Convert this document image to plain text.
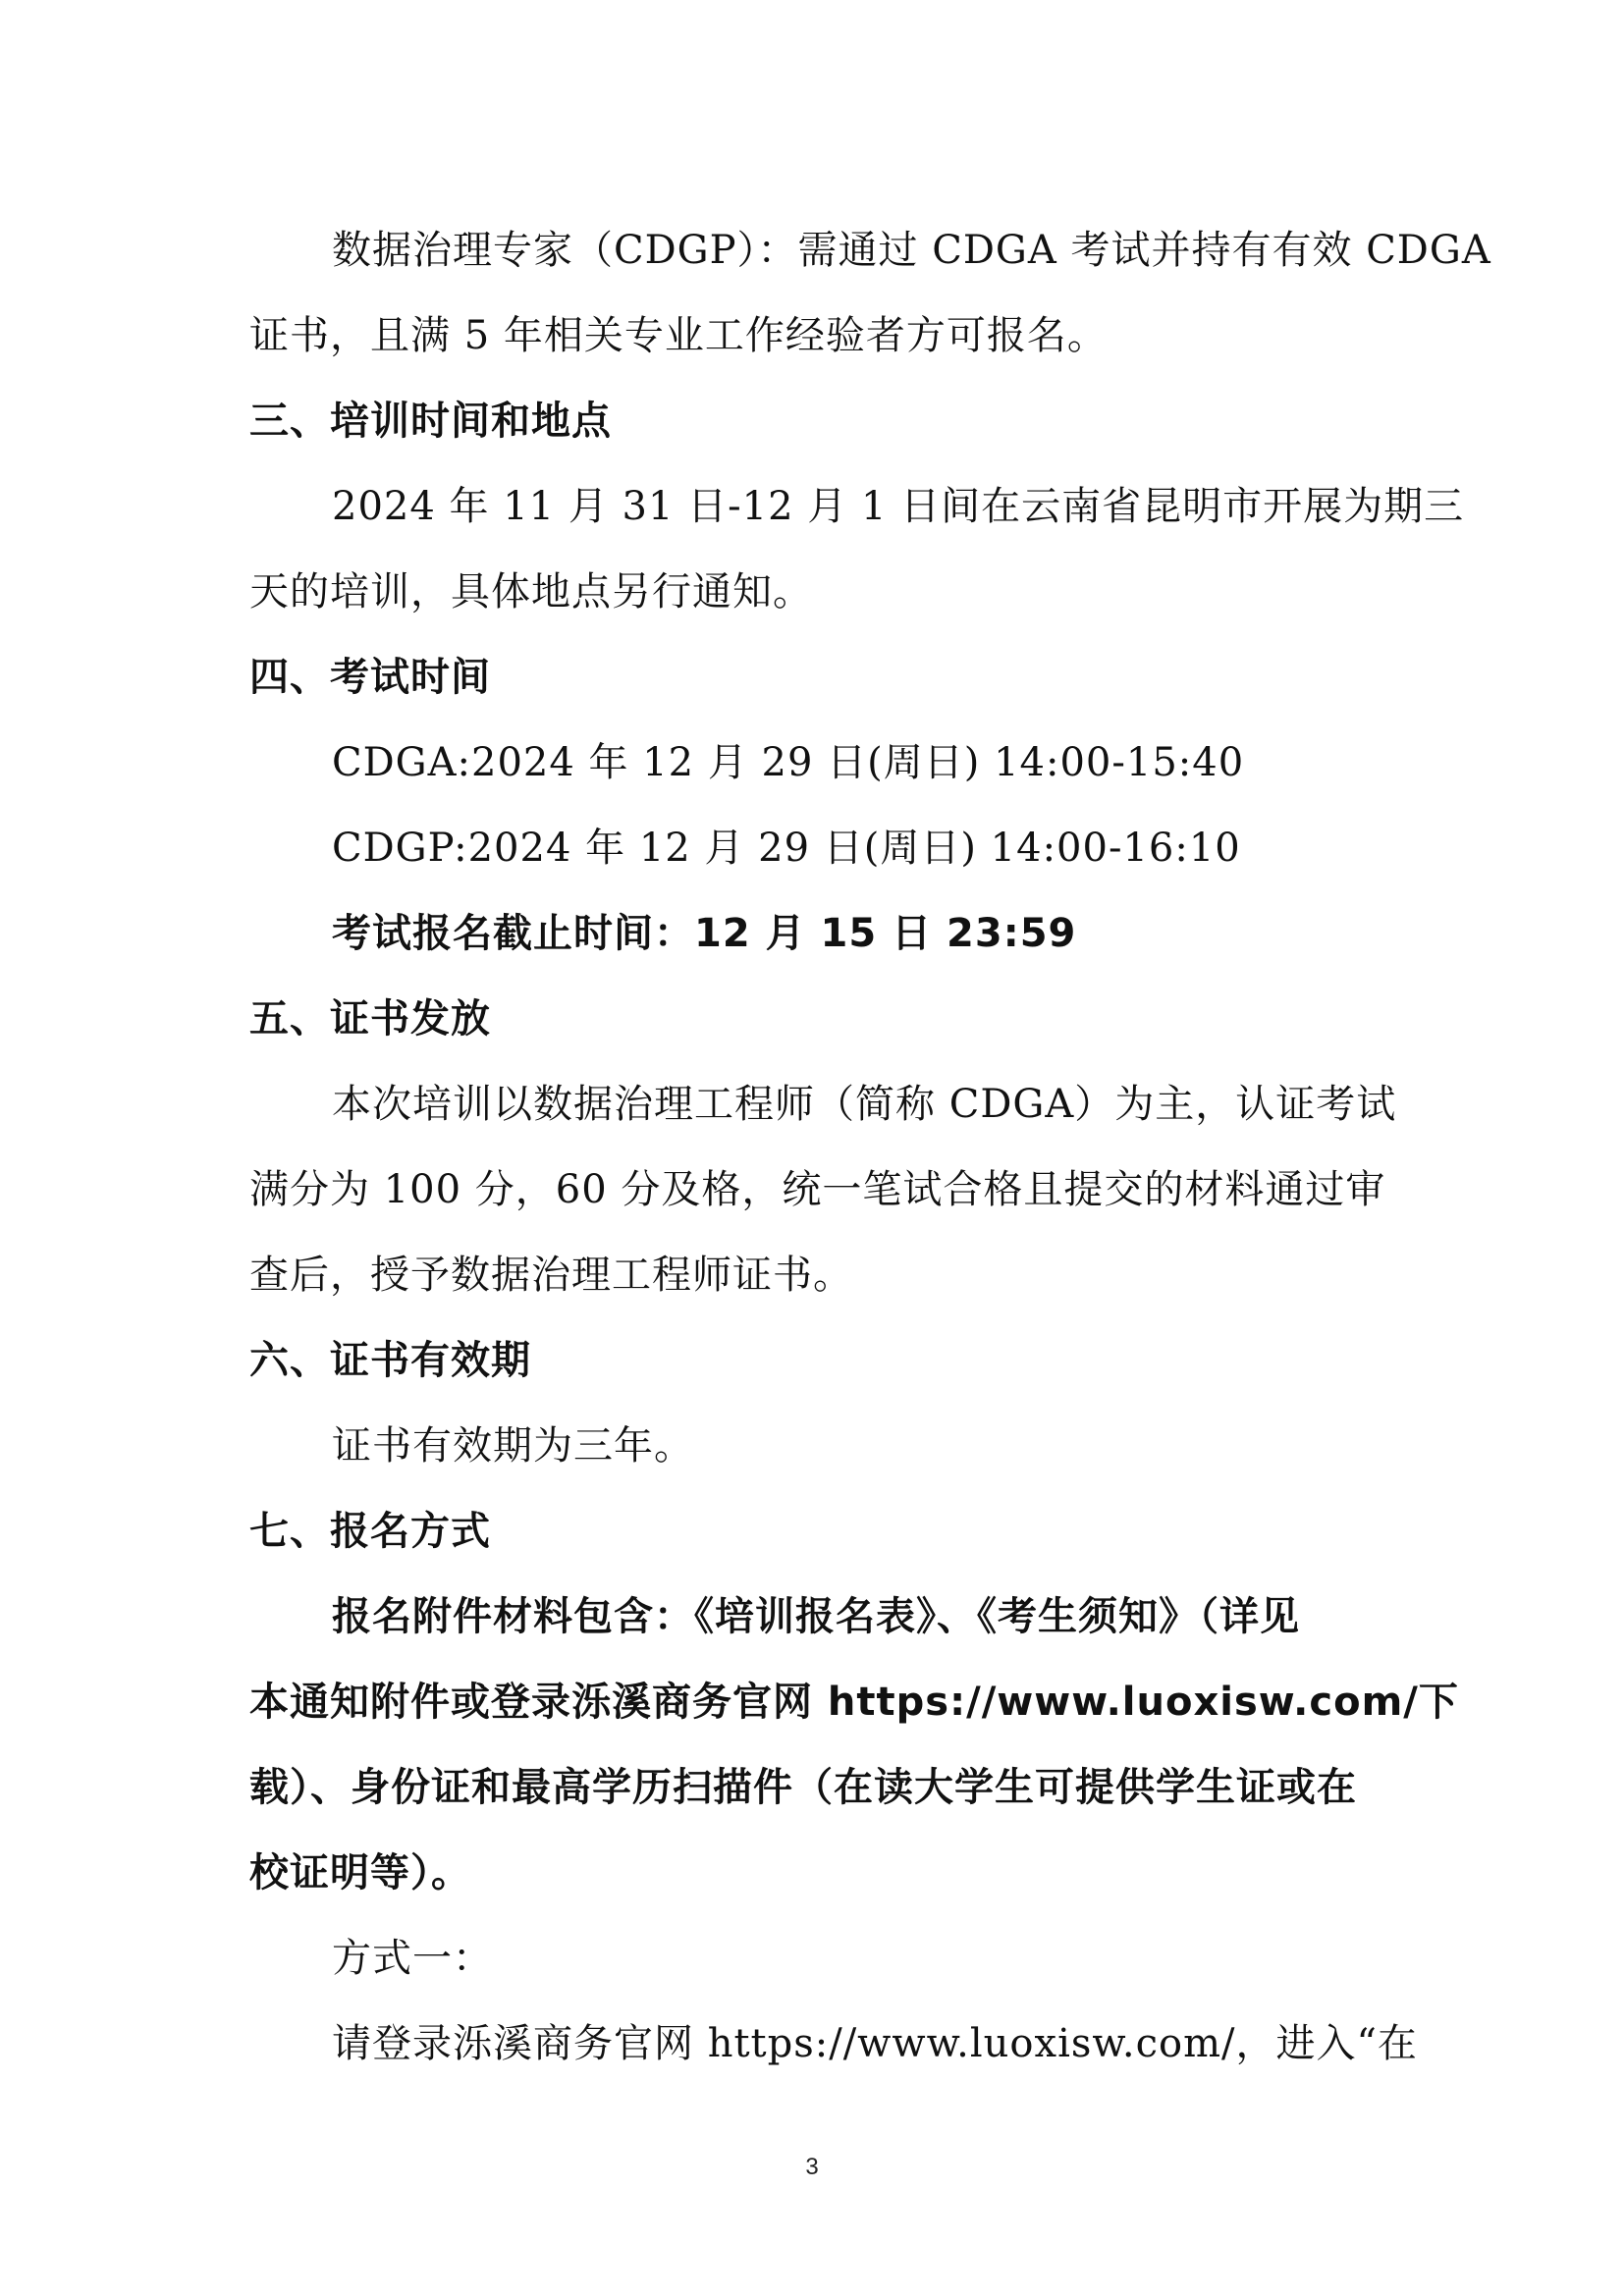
数据治理专家（CDGP）：需通过 CDGA 考试并持有有效 CDGA

证书，且满 5 年相关专业工作经验者方可报名。

三、培训时间和地点

2024 年 11 月 31 日-12 月 1 日间在云南省昆明市开展为期三

天的培训，具体地点另行通知。

四、考试时间

CDGA:2024 年 12 月 29 日(周日) 14:00-15:40

CDGP:2024 年 12 月 29 日(周日) 14:00-16:10

考试报名截止时间：12 月 15 日 23:59

五、证书发放

本次培训以数据治理工程师（简称 CDGA）为主，认证考试

满分为 100 分，60 分及格，统一笔试合格且提交的材料通过审

查后，授予数据治理工程师证书。

六、证书有效期

证书有效期为三年。

七、报名方式

报名附件材料包含：《培训报名表》、《考生须知》（详见

本通知附件或登录泺溪商务官网 https://www.luoxisw.com/下

载）、身份证和最高学历扫描件（在读大学生可提供学生证或在

校证明等）。

方式一：

请登录泺溪商务官网 https://www.luoxisw.com/，进入“在

3
